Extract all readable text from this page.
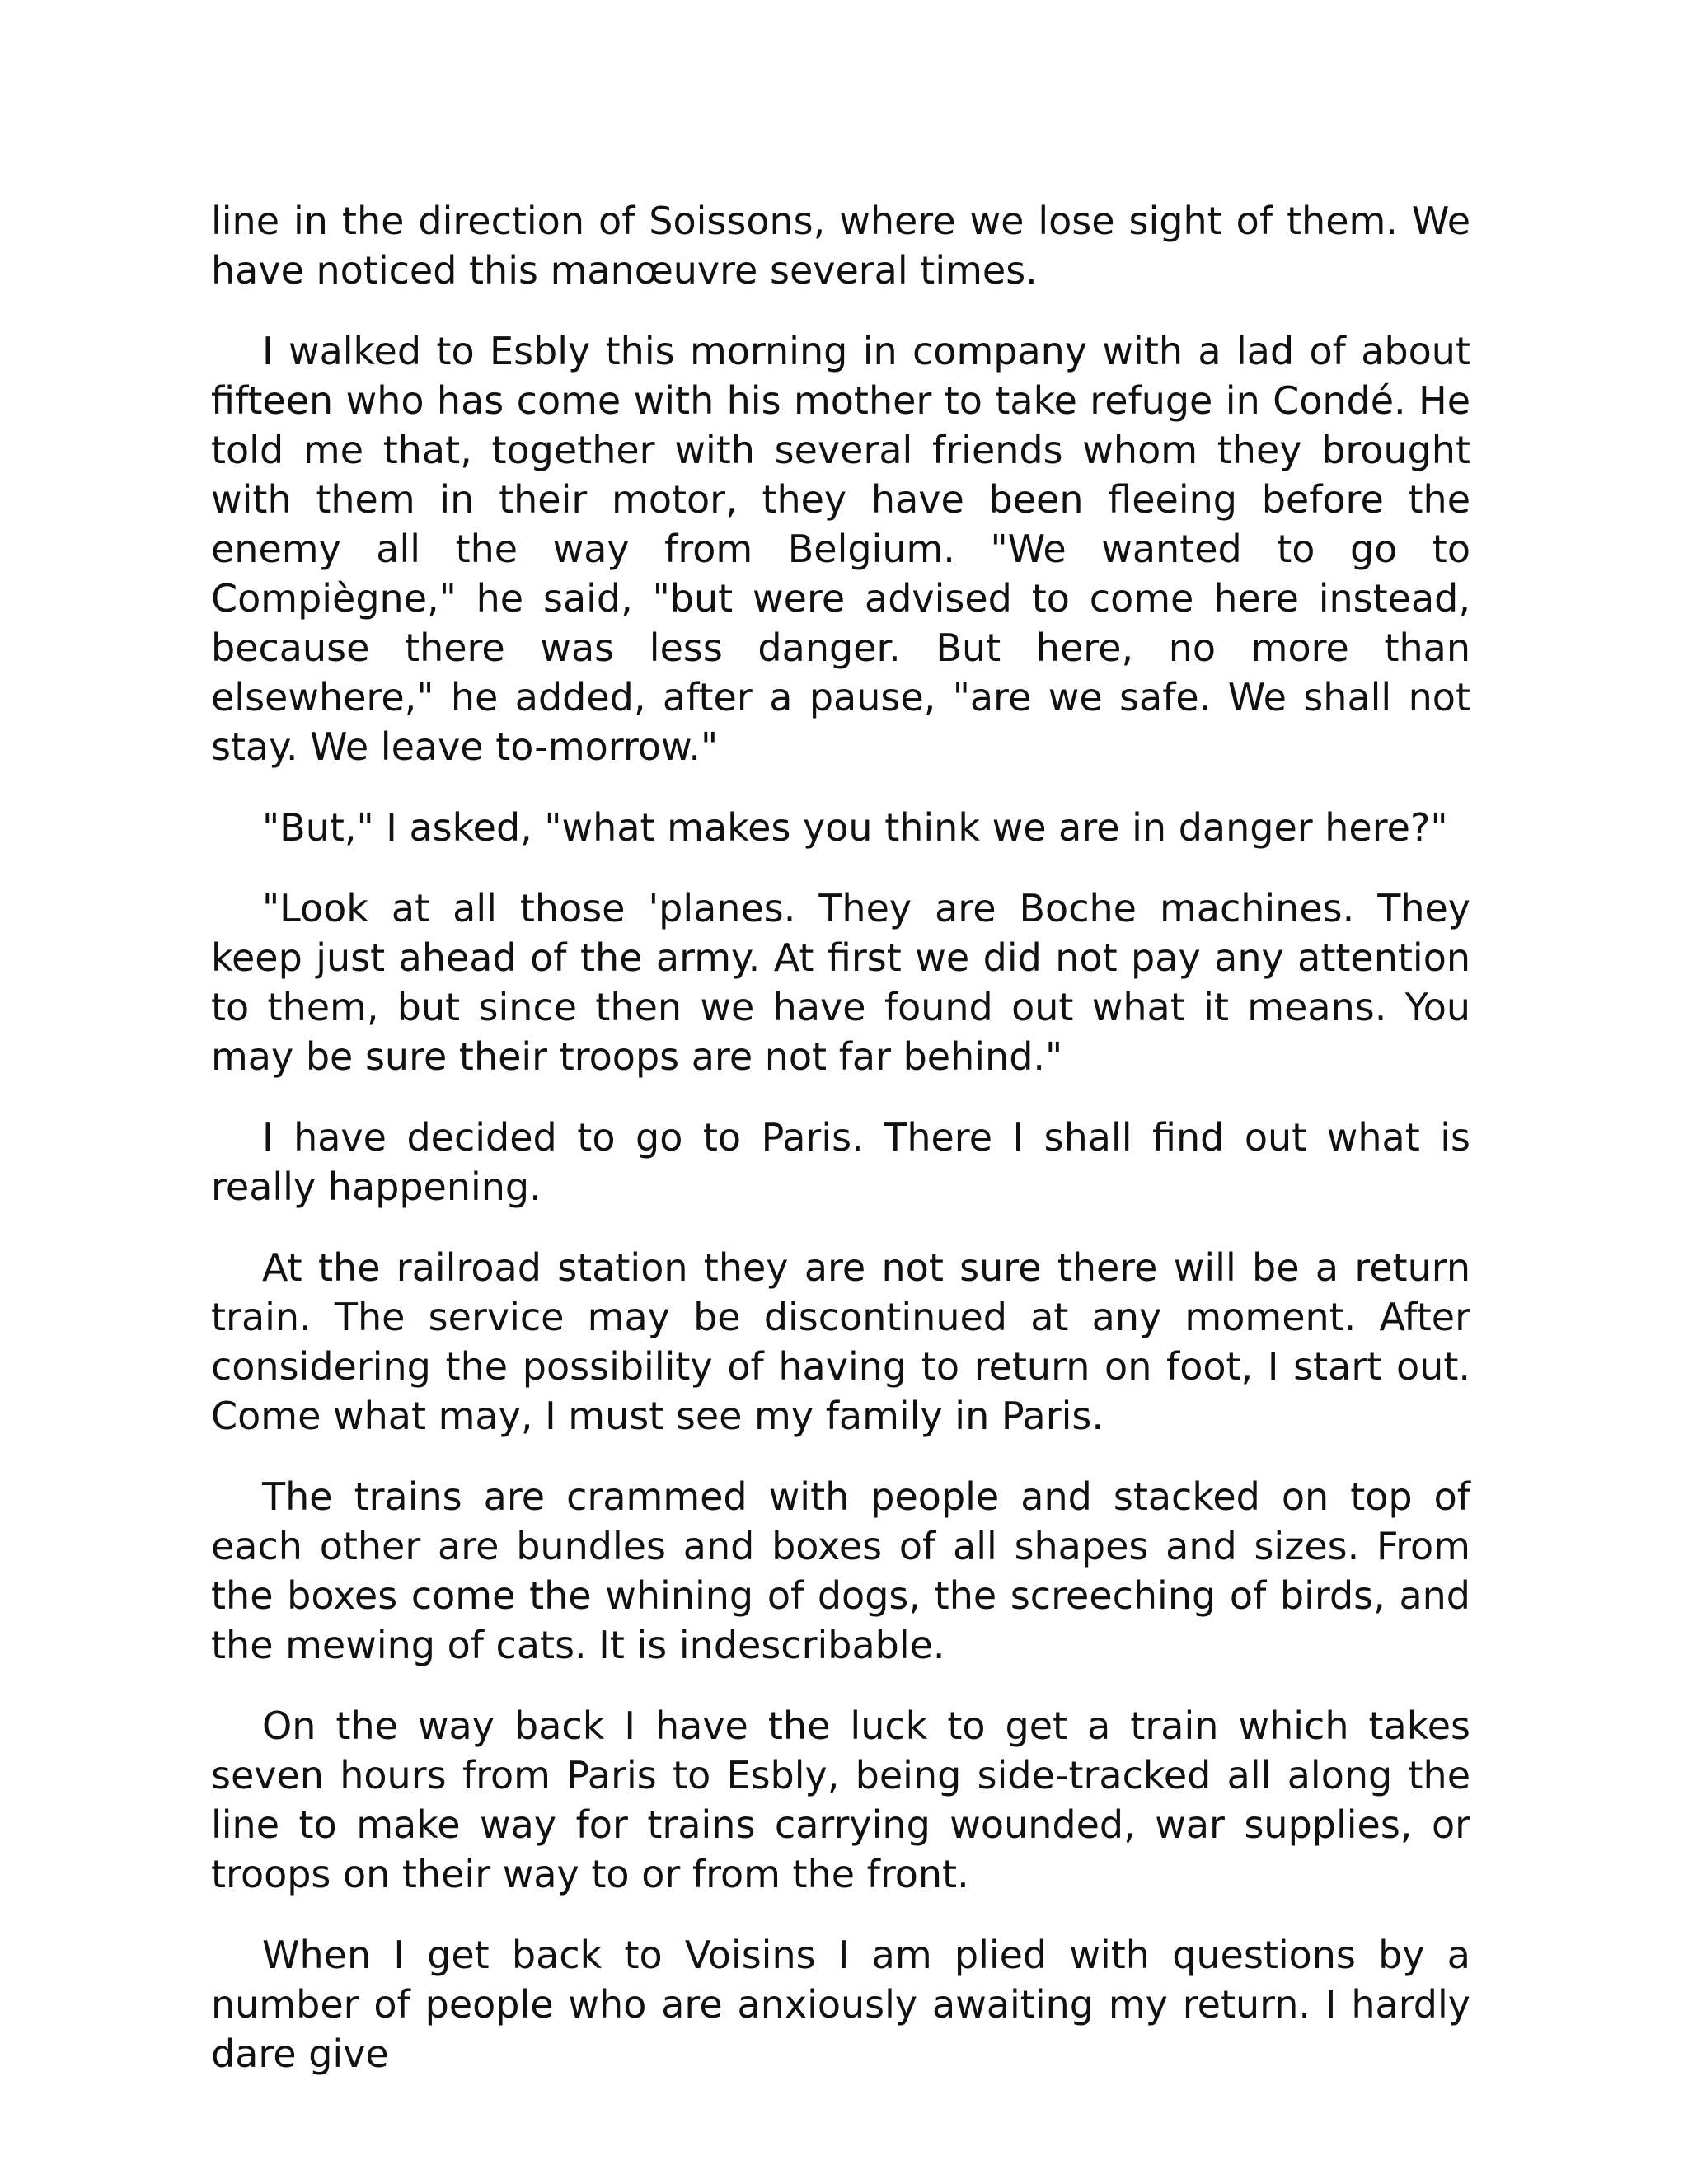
line in the direction of Soissons, where we lose sight of them. We have noticed this manœuvre several times.

I walked to Esbly this morning in company with a lad of about fifteen who has come with his mother to take refuge in Condé. He told me that, together with several friends whom they brought with them in their motor, they have been fleeing before the enemy all the way from Belgium. "We wanted to go to Compiègne," he said, "but were advised to come here instead, because there was less danger. But here, no more than elsewhere," he added, after a pause, "are we safe. We shall not stay. We leave to-morrow."

"But," I asked, "what makes you think we are in danger here?"

"Look at all those 'planes. They are Boche machines. They keep just ahead of the army. At first we did not pay any attention to them, but since then we have found out what it means. You may be sure their troops are not far behind."

I have decided to go to Paris. There I shall find out what is really happening.

At the railroad station they are not sure there will be a return train. The service may be discontinued at any moment. After considering the possibility of having to return on foot, I start out. Come what may, I must see my family in Paris.

The trains are crammed with people and stacked on top of each other are bundles and boxes of all shapes and sizes. From the boxes come the whining of dogs, the screeching of birds, and the mewing of cats. It is indescribable.

On the way back I have the luck to get a train which takes seven hours from Paris to Esbly, being side-tracked all along the line to make way for trains carrying wounded, war supplies, or troops on their way to or from the front.

When I get back to Voisins I am plied with questions by a number of people who are anxiously awaiting my return. I hardly dare give
